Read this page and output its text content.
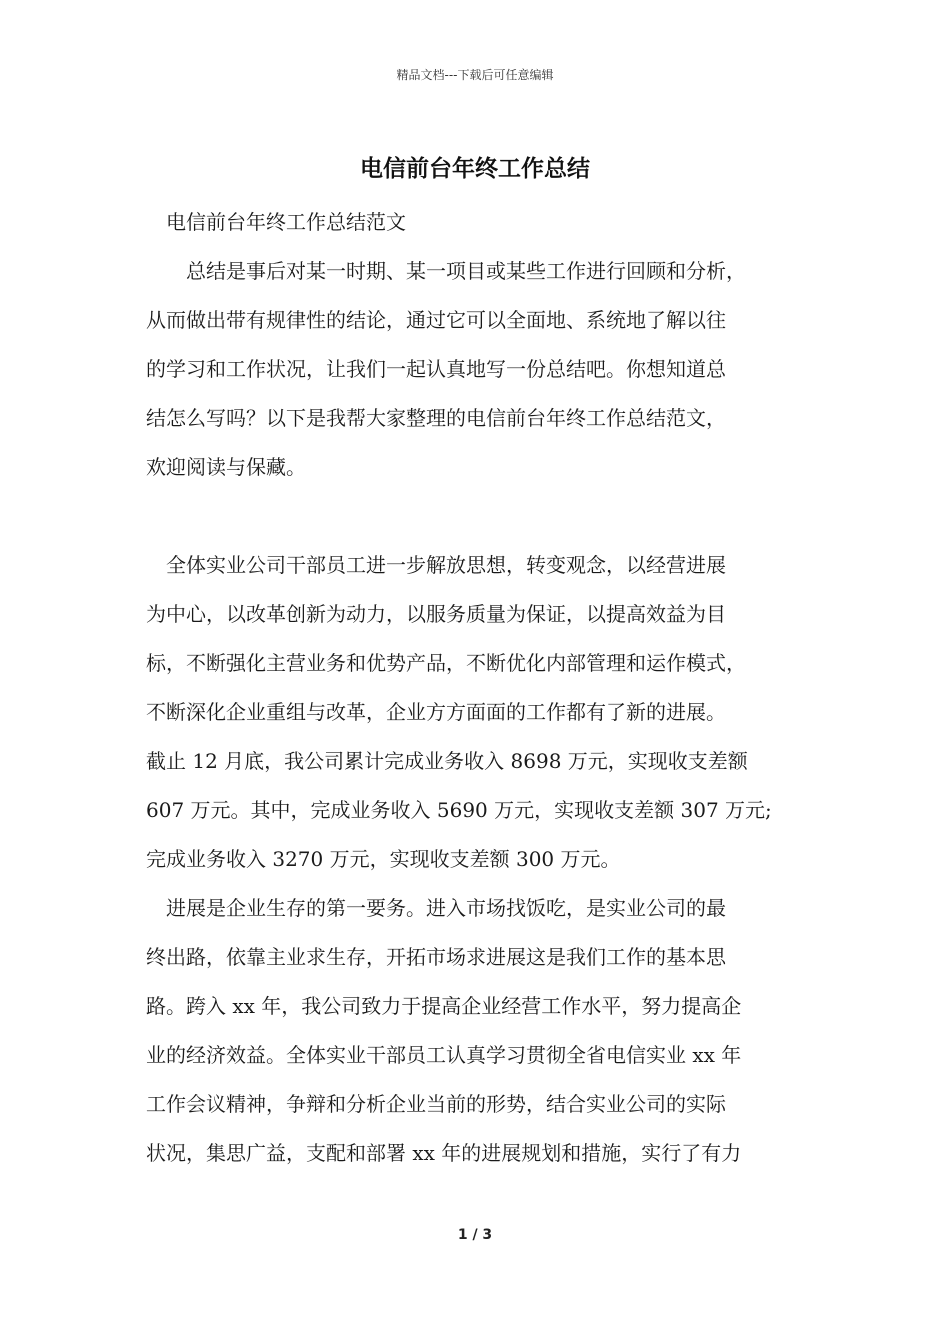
精品文档---下载后可任意编辑
电信前台年终工作总结
　电信前台年终工作总结范文
　　总结是事后对某一时期、某一项目或某些工作进行回顾和分析，
从而做出带有规律性的结论，通过它可以全面地、系统地了解以往
的学习和工作状况，让我们一起认真地写一份总结吧。你想知道总
结怎么写吗？以下是我帮大家整理的电信前台年终工作总结范文，
欢迎阅读与保藏。
　全体实业公司干部员工进一步解放思想，转变观念，以经营进展
为中心，以改革创新为动力，以服务质量为保证，以提高效益为目
标，不断强化主营业务和优势产品，不断优化内部管理和运作模式，
不断深化企业重组与改革，企业方方面面的工作都有了新的进展。
截止 12 月底，我公司累计完成业务收入 8698 万元，实现收支差额
607 万元。其中，完成业务收入 5690 万元，实现收支差额 307 万元;
完成业务收入 3270 万元，实现收支差额 300 万元。
　进展是企业生存的第一要务。进入市场找饭吃，是实业公司的最
终出路，依靠主业求生存，开拓市场求进展这是我们工作的基本思
路。跨入 xx 年，我公司致力于提高企业经营工作水平，努力提高企
业的经济效益。全体实业干部员工认真学习贯彻全省电信实业 xx 年
工作会议精神，争辩和分析企业当前的形势，结合实业公司的实际
状况，集思广益，支配和部署 xx 年的进展规划和措施，实行了有力
1 / 3
